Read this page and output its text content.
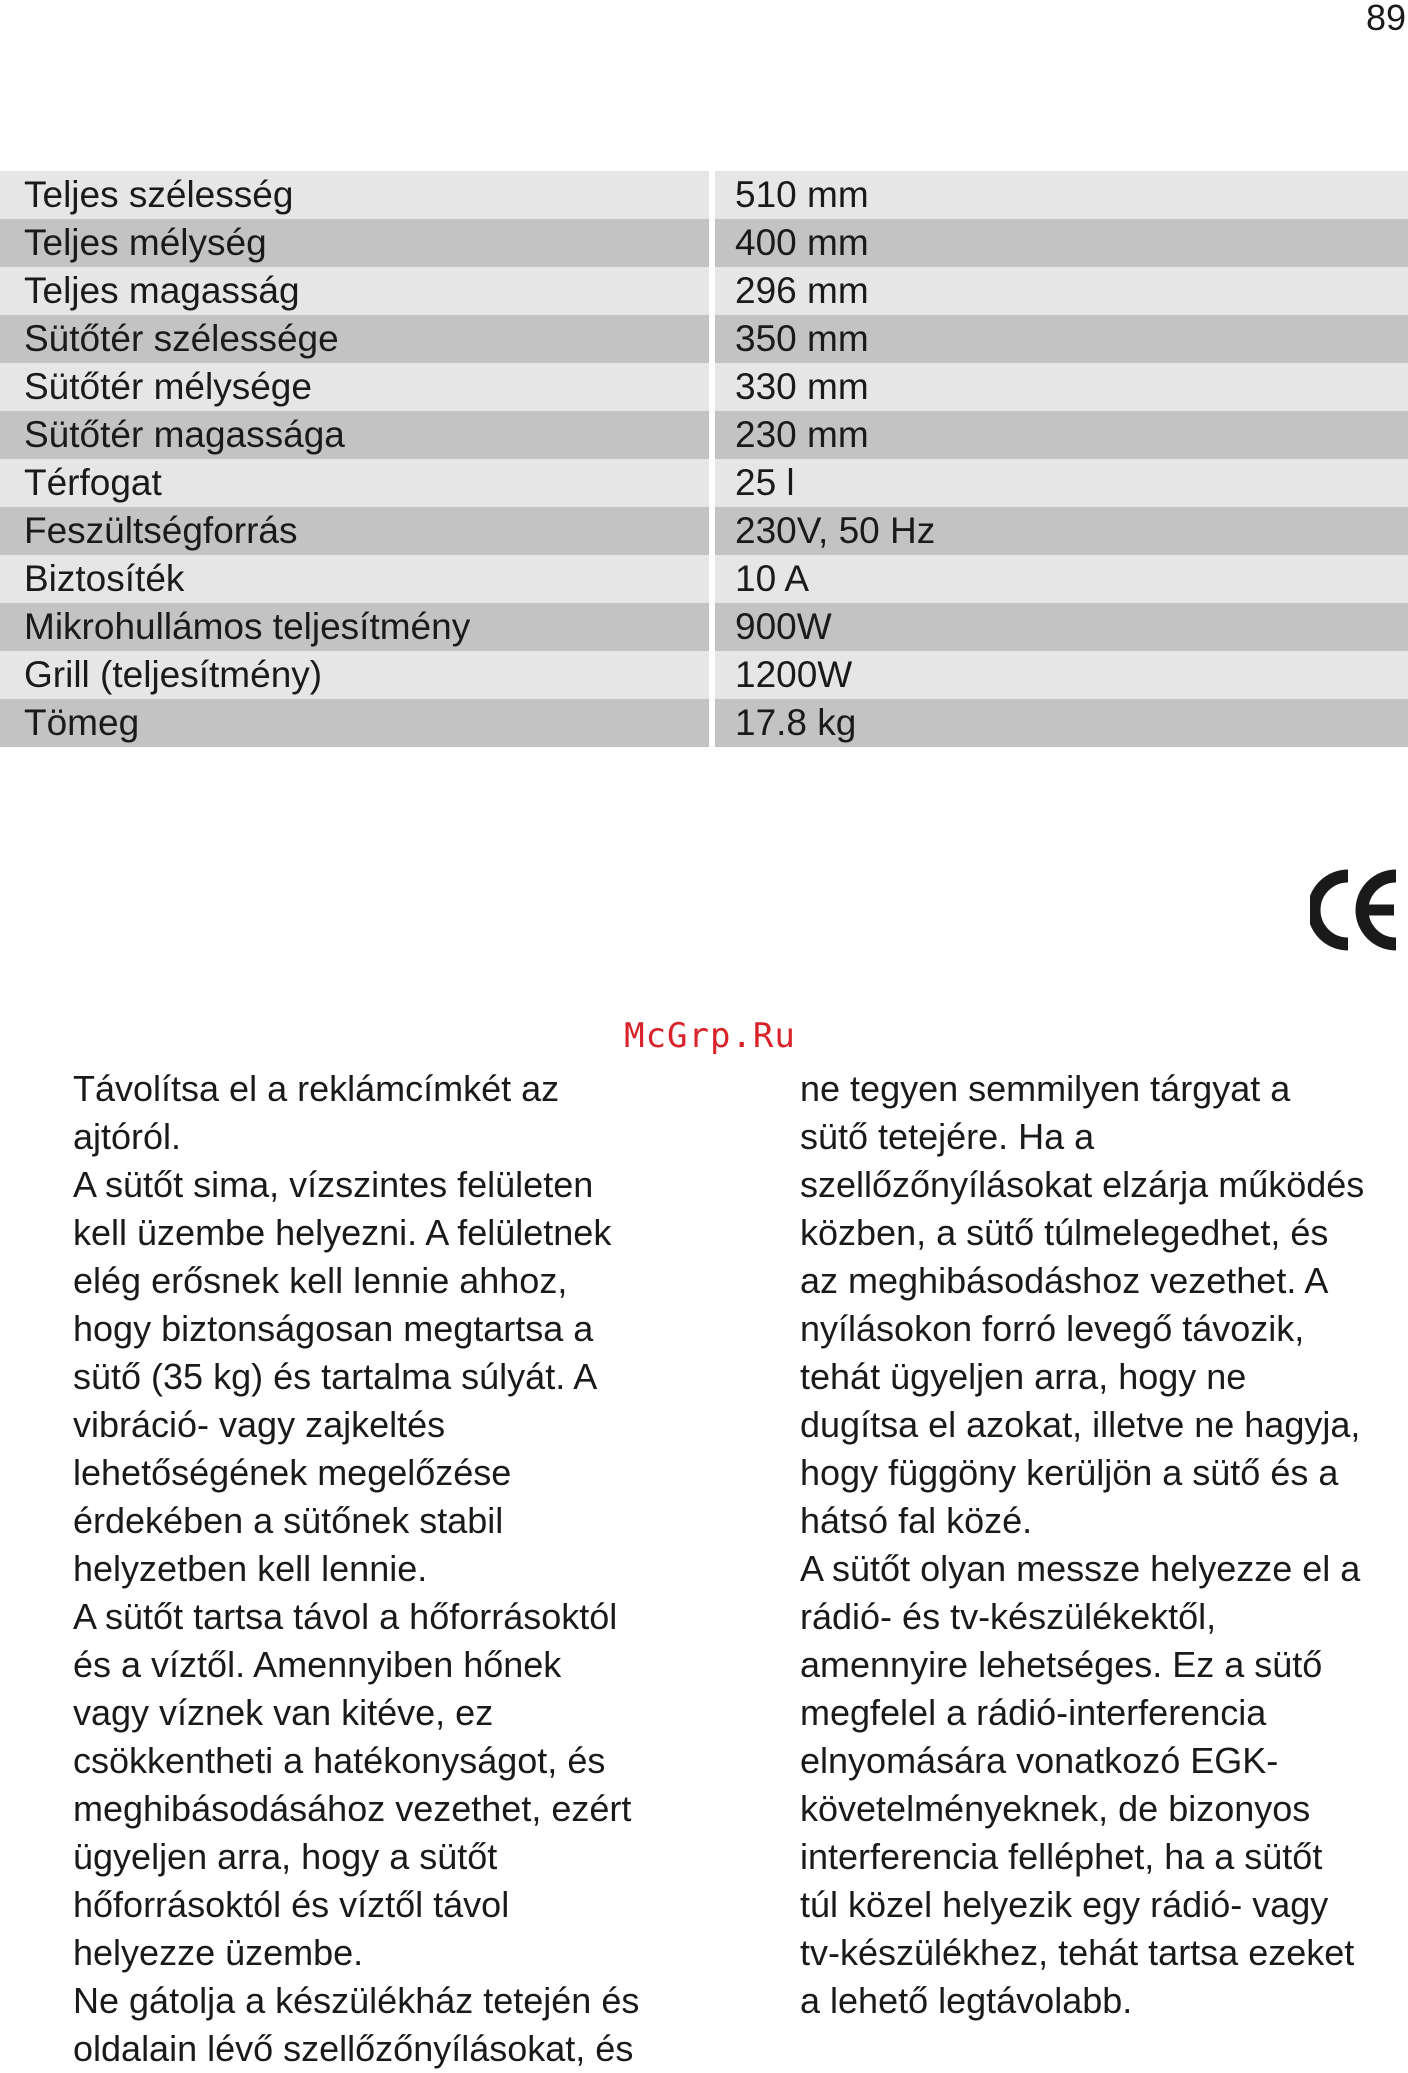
89
Teljes szélesség	510 mm
Teljes mélység	400 mm
Teljes magasság	296 mm
Sütőtér szélessége	350 mm
Sütőtér mélysége	330 mm
Sütőtér magassága	230 mm
Térfogat	25 l
Feszültségforrás	230V, 50 Hz
Biztosíték	10 A
Mikrohullámos teljesítmény	900W
Grill (teljesítmény)	1200W
Tömeg	17.8 kg
McGrp.Ru
Távolítsa el a reklámcímkét az
ajtóról.
A sütőt sima, vízszintes felületen
kell üzembe helyezni. A felületnek
elég erősnek kell lennie ahhoz,
hogy biztonságosan megtartsa a
sütő (35 kg) és tartalma súlyát. A
vibráció- vagy zajkeltés
lehetőségének megelőzése
érdekében a sütőnek stabil
helyzetben kell lennie.
A sütőt tartsa távol a hőforrásoktól
és a víztől. Amennyiben hőnek
vagy víznek van kitéve, ez
csökkentheti a hatékonyságot, és
meghibásodásához vezethet, ezért
ügyeljen arra, hogy a sütőt
hőforrásoktól és víztől távol
helyezze üzembe.
Ne gátolja a készülékház tetején és
oldalain lévő szellőzőnyílásokat, és
ne tegyen semmilyen tárgyat a
sütő tetejére. Ha a
szellőzőnyílásokat elzárja működés
közben, a sütő túlmelegedhet, és
az meghibásodáshoz vezethet. A
nyílásokon forró levegő távozik,
tehát ügyeljen arra, hogy ne
dugítsa el azokat, illetve ne hagyja,
hogy függöny kerüljön a sütő és a
hátsó fal közé.
A sütőt olyan messze helyezze el a
rádió- és tv-készülékektől,
amennyire lehetséges. Ez a sütő
megfelel a rádió-interferencia
elnyomására vonatkozó EGK-
követelményeknek, de bizonyos
interferencia felléphet, ha a sütőt
túl közel helyezik egy rádió- vagy
tv-készülékhez, tehát tartsa ezeket
a lehető legtávolabb.
